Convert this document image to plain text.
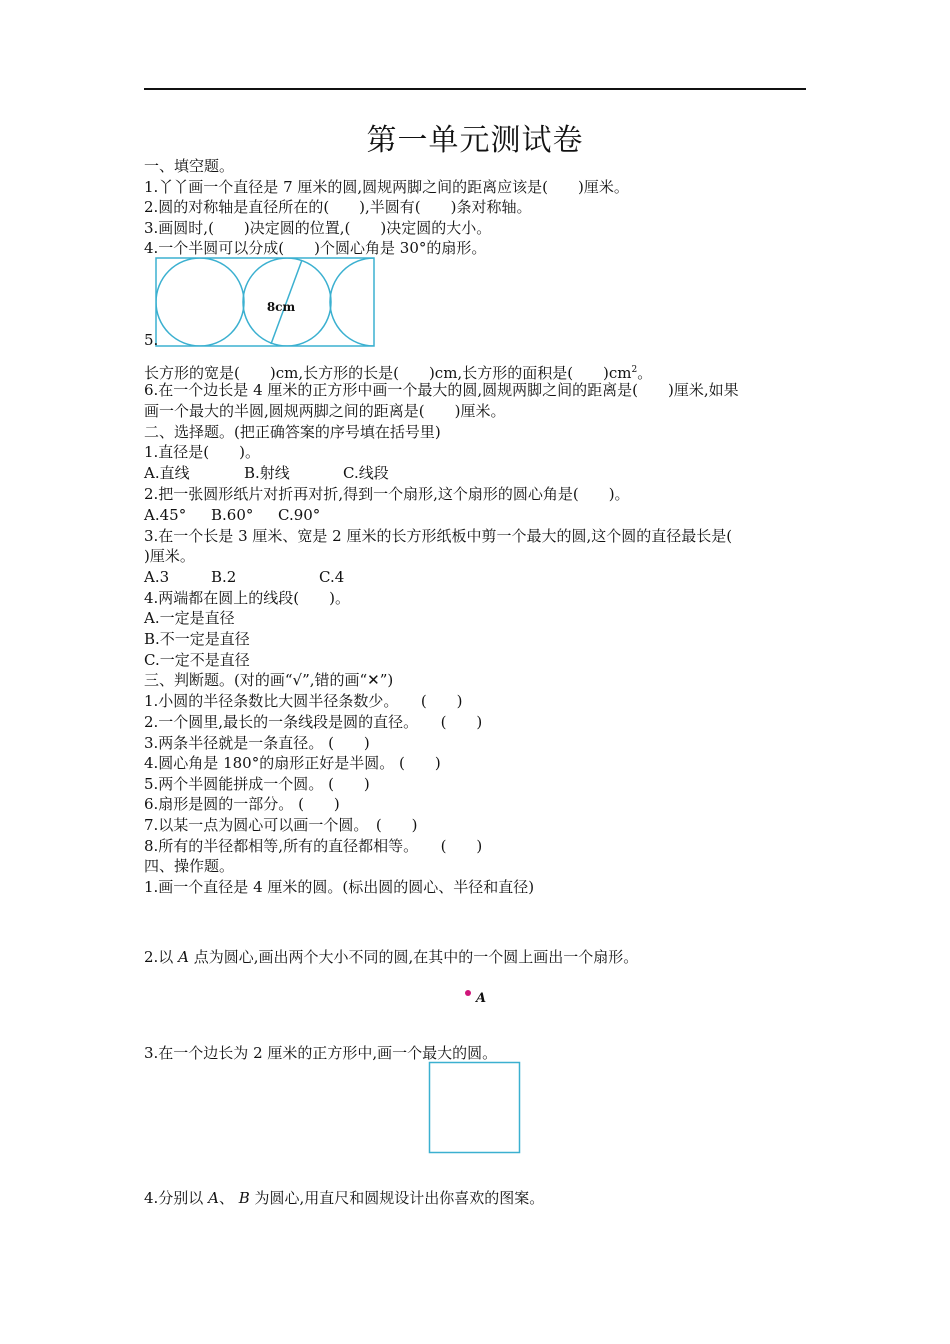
第一单元测试卷
一、填空题。
1.丫丫画一个直径是 7 厘米的圆,圆规两脚之间的距离应该是(　　)厘米。
2.圆的对称轴是直径所在的(　　),半圆有(　　)条对称轴。
3.画圆时,(　　)决定圆的位置,(　　)决定圆的大小。
4.一个半圆可以分成(　　)个圆心角是 30°的扇形。
8cm
5.
长方形的宽是(　　)cm,长方形的长是(　　)cm,长方形的面积是(　　)$cm^2$。
6.在一个边长是 4 厘米的正方形中画一个最大的圆,圆规两脚之间的距离是(　　)厘米,如果
画一个最大的半圆,圆规两脚之间的距离是(　　)厘米。
二、选择题。(把正确答案的序号填在括号里)
1.直径是(　　)。
A.直线	B.射线	C.线段
2.把一张圆形纸片对折再对折,得到一个扇形,这个扇形的圆心角是(　　)。
A.45° B.60° C.90°
3.在一个长是 3 厘米、宽是 2 厘米的长方形纸板中剪一个最大的圆,这个圆的直径最长是(
)厘米。
A.3	B.2	C.4
4.两端都在圆上的线段(　　)。
A.一定是直径
B.不一定是直径
C.一定不是直径
三、判断题。(对的画“√”,错的画“✕”)
1.小圆的半径条数比大圆半径条数少。　　(　　)
2.一个圆里,最长的一条线段是圆的直径。　　(　　)
3.两条半径就是一条直径。 (　　)
4.圆心角是 180°的扇形正好是半圆。 (　　)
5.两个半圆能拼成一个圆。 (　　)
6.扇形是圆的一部分。 (　　)
7.以某一点为圆心可以画一个圆。　(　　)
8.所有的半径都相等,所有的直径都相等。　　(　　)
四、操作题。
1.画一个直径是 4 厘米的圆。(标出圆的圆心、半径和直径)
2.以 A 点为圆心,画出两个大小不同的圆,在其中的一个圆上画出一个扇形。
A
3.在一个边长为 2 厘米的正方形中,画一个最大的圆。
4.分别以 A、 B 为圆心,用直尺和圆规设计出你喜欢的图案。
